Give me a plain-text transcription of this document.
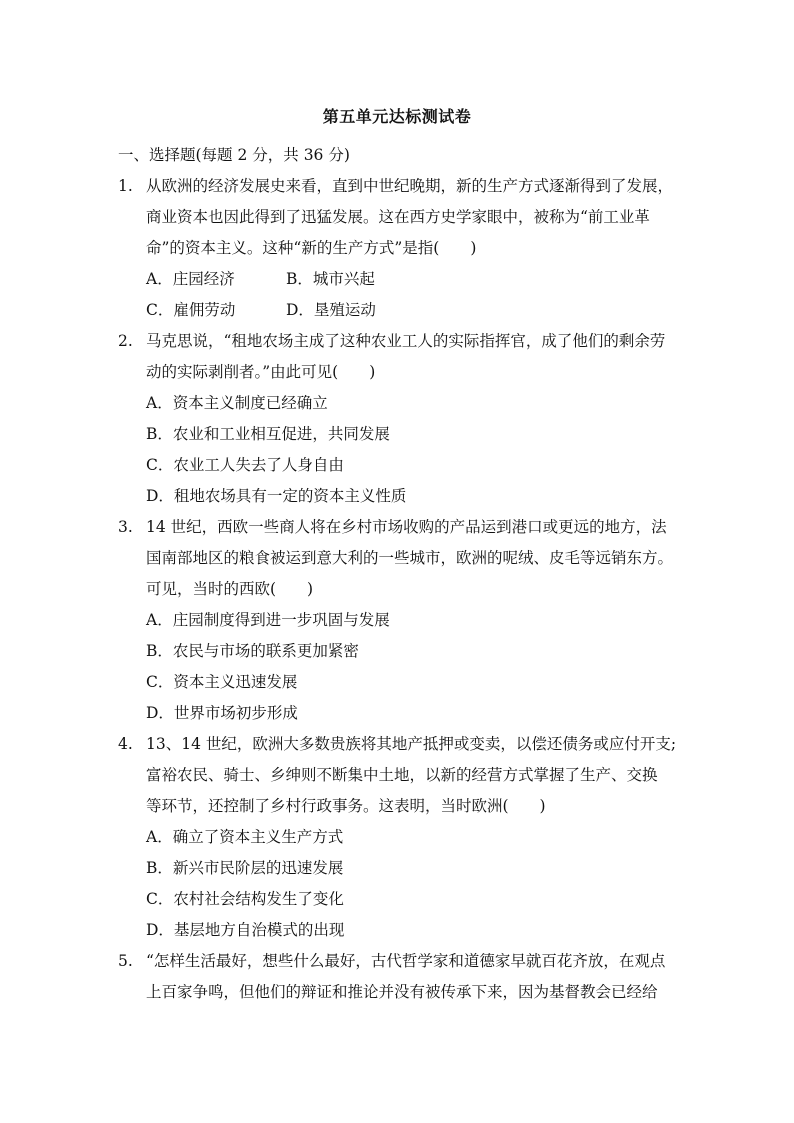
第五单元达标测试卷
一、选择题(每题 2 分，共 36 分)
1. 从欧洲的经济发展史来看，直到中世纪晚期，新的生产方式逐渐得到了发展，
商业资本也因此得到了迅猛发展。这在西方史学家眼中，被称为“前工业革
命”的资本主义。这种“新的生产方式”是指(　　)
A．庄园经济	B．城市兴起
C．雇佣劳动	D．垦殖运动
2. 马克思说，“租地农场主成了这种农业工人的实际指挥官，成了他们的剩余劳
动的实际剥削者。”由此可见(　　)
A．资本主义制度已经确立
B．农业和工业相互促进，共同发展
C．农业工人失去了人身自由
D．租地农场具有一定的资本主义性质
3. 14 世纪，西欧一些商人将在乡村市场收购的产品运到港口或更远的地方，法
国南部地区的粮食被运到意大利的一些城市，欧洲的呢绒、皮毛等远销东方。
可见，当时的西欧(　　)
A．庄园制度得到进一步巩固与发展
B．农民与市场的联系更加紧密
C．资本主义迅速发展
D．世界市场初步形成
4. 13、14 世纪，欧洲大多数贵族将其地产抵押或变卖，以偿还债务或应付开支;
富裕农民、骑士、乡绅则不断集中土地，以新的经营方式掌握了生产、交换
等环节，还控制了乡村行政事务。这表明，当时欧洲(　　)
A．确立了资本主义生产方式
B．新兴市民阶层的迅速发展
C．农村社会结构发生了变化
D．基层地方自治模式的出现
5. “怎样生活最好，想些什么最好，古代哲学家和道德家早就百花齐放，在观点
上百家争鸣，但他们的辩证和推论并没有被传承下来，因为基督教会已经给
